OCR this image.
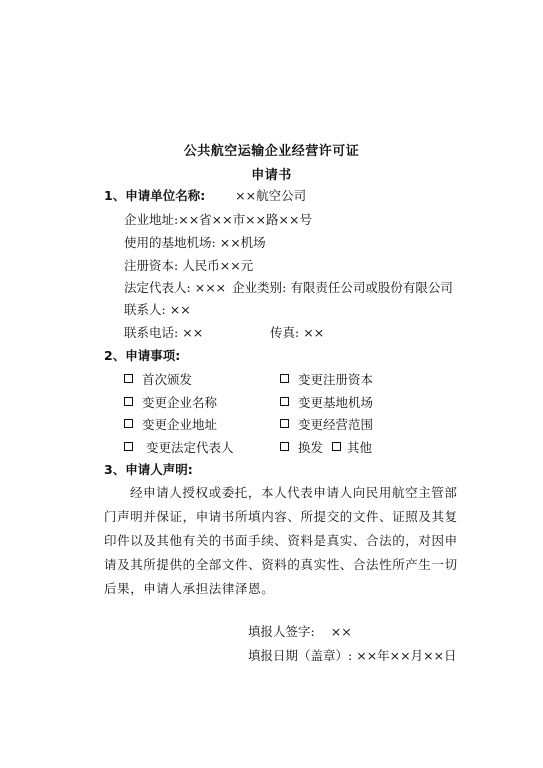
公共航空运输企业经营许可证
申请书
1、申请单位名称: ××航空公司
企业地址:××省××市××路××号
使用的基地机场: ××机场
注册资本: 人民币××元
法定代表人: ××× 企业类别: 有限责任公司或股份有限公司
联系人: ××
联系电话: ××	传真: ××
2、申请事项:
首次颁发	变更注册资本
变更企业名称	变更基地机场
变更企业地址	变更经营范围
变更法定代表人	换发	其他
3、申请人声明:
经申请人授权或委托，本人代表申请人向民用航空主管部
门声明并保证，申请书所填内容、所提交的文件、证照及其复
印件以及其他有关的书面手续、资料是真实、合法的，对因申
请及其所提供的全部文件、资料的真实性、合法性所产生一切
后果，申请人承担法律泽恩。
填报人签字: ××
填报日期（盖章）: ××年××月××日
